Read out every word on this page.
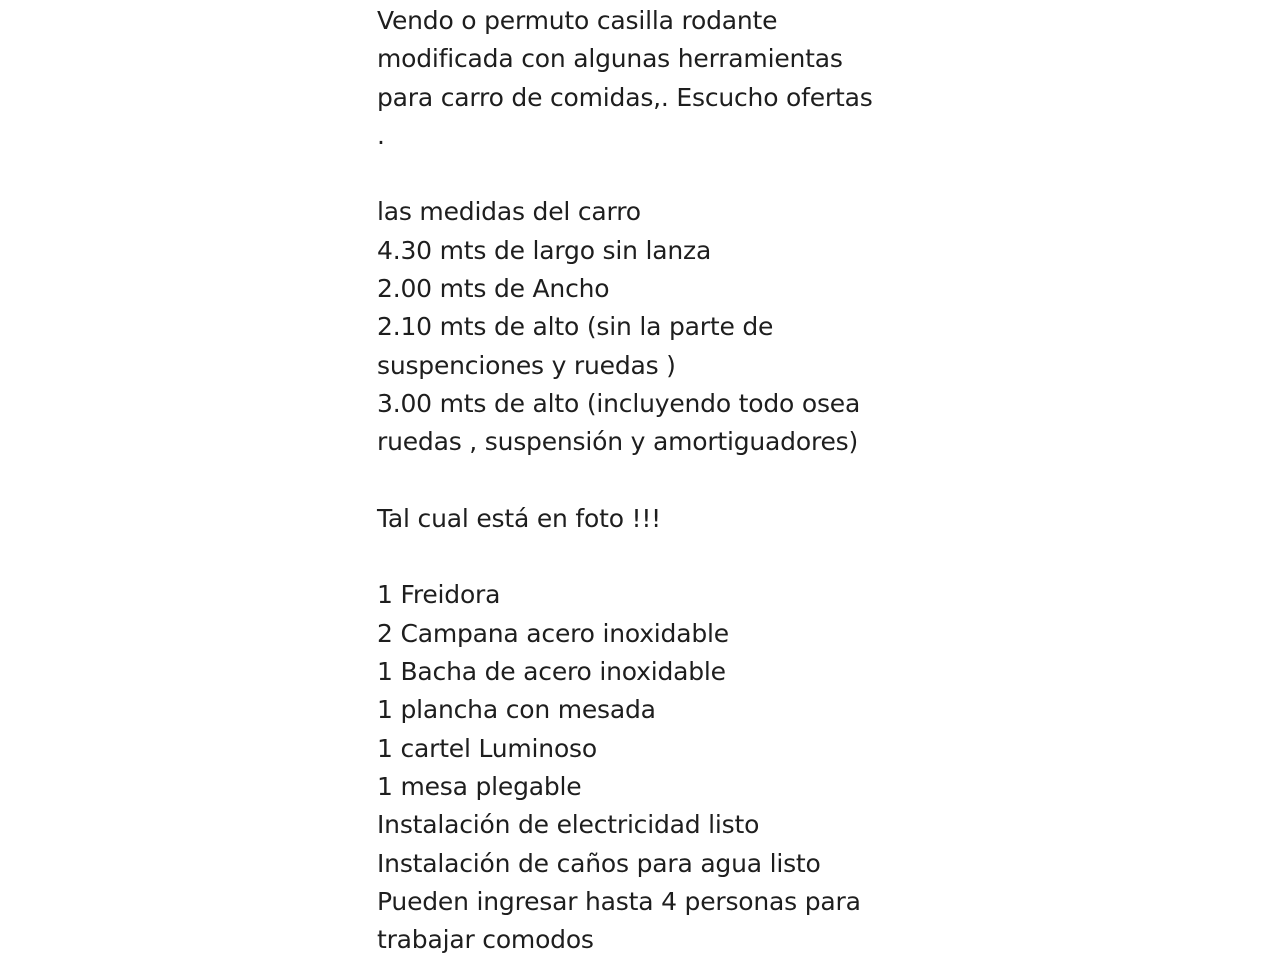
Vendo o permuto casilla rodante
modificada con algunas herramientas
para carro de comidas,. Escucho ofertas
.
las medidas del carro
4.30 mts de largo sin lanza
2.00 mts de Ancho
2.10 mts de alto (sin la parte de
suspenciones y ruedas )
3.00 mts de alto (incluyendo todo osea
ruedas , suspensión y amortiguadores)
Tal cual está en foto !!!
1 Freidora
2 Campana acero inoxidable
1 Bacha de acero inoxidable
1 plancha con mesada
1 cartel Luminoso
1 mesa plegable
Instalación de electricidad listo
Instalación de caños para agua listo
Pueden ingresar hasta 4 personas para
trabajar comodos
